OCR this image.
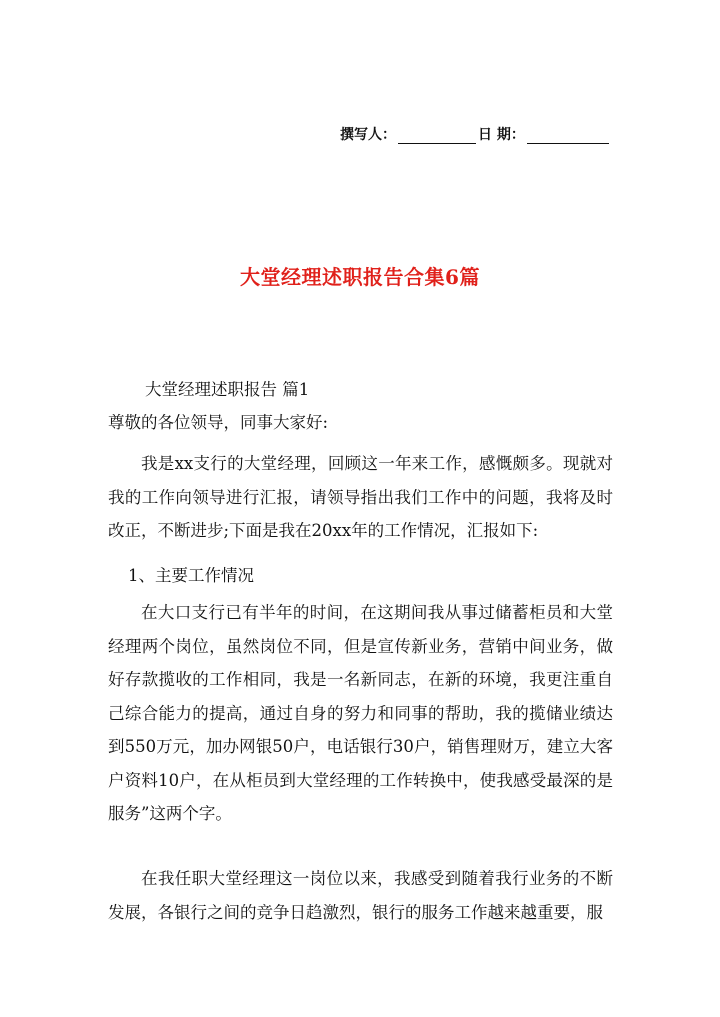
撰写人：	日 期：
大堂经理述职报告合集6篇
大堂经理述职报告 篇1
尊敬的各位领导，同事大家好:

我是xx支行的大堂经理，回顾这一年来工作，感慨颇多。现就对我的工作向领导进行汇报，请领导指出我们工作中的问题，我将及时改正，不断进步;下面是我在20xx年的工作情况，汇报如下:

1、主要工作情况

在大口支行已有半年的时间，在这期间我从事过储蓄柜员和大堂经理两个岗位，虽然岗位不同，但是宣传新业务，营销中间业务，做好存款揽收的工作相同，我是一名新同志，在新的环境，我更注重自己综合能力的提高，通过自身的努力和同事的帮助，我的揽储业绩达到550万元，加办网银50户，电话银行30户，销售理财万，建立大客户资料10户，在从柜员到大堂经理的工作转换中，使我感受最深的是服务”这两个字。

在我任职大堂经理这一岗位以来，我感受到随着我行业务的不断发展，各银行之间的竞争日趋激烈，银行的服务工作越来越重要，服
